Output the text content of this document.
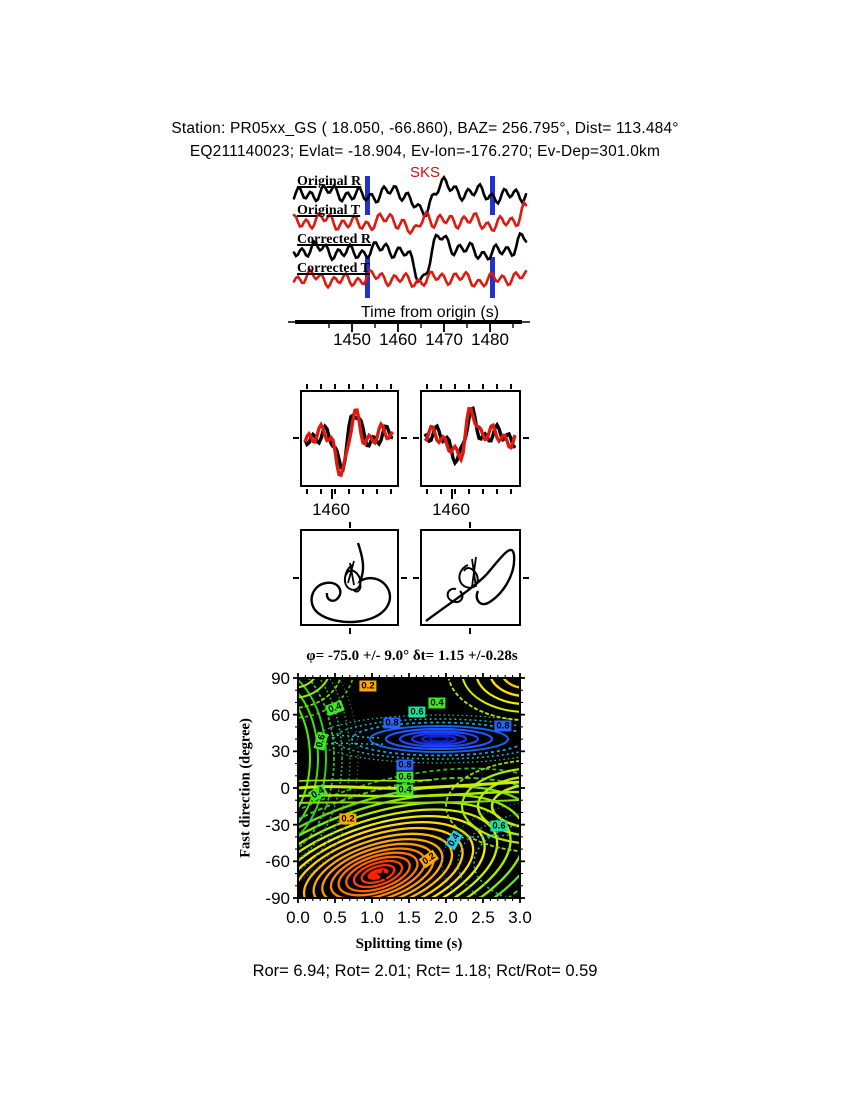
Station: PR05xx_GS ( 18.050, -66.860), BAZ= 256.795°, Dist= 113.484°
EQ211140023; Evlat= -18.904, Ev-lon=-176.270; Ev-Dep=301.0km
SKS
Original R
Original T
Corrected R
Corrected T
Time from origin (s)
1450 1460 1470 1480
1460	1460
φ= -75.0 +/- 9.0° δt= 1.15 +/-0.28s
Fast direction (degree)
★
0.2
0.4	0.4
0.6
0.8	0.8
0.6
0.8
0.6
0.4
0.4
0.2
0.6
0.4
0.2
90
60
30
0
-30
-60
-90
0.0 0.5 1.0 1.5 2.0 2.5 3.0
Splitting time (s)
Ror= 6.94; Rot= 2.01; Rct= 1.18; Rct/Rot= 0.59
